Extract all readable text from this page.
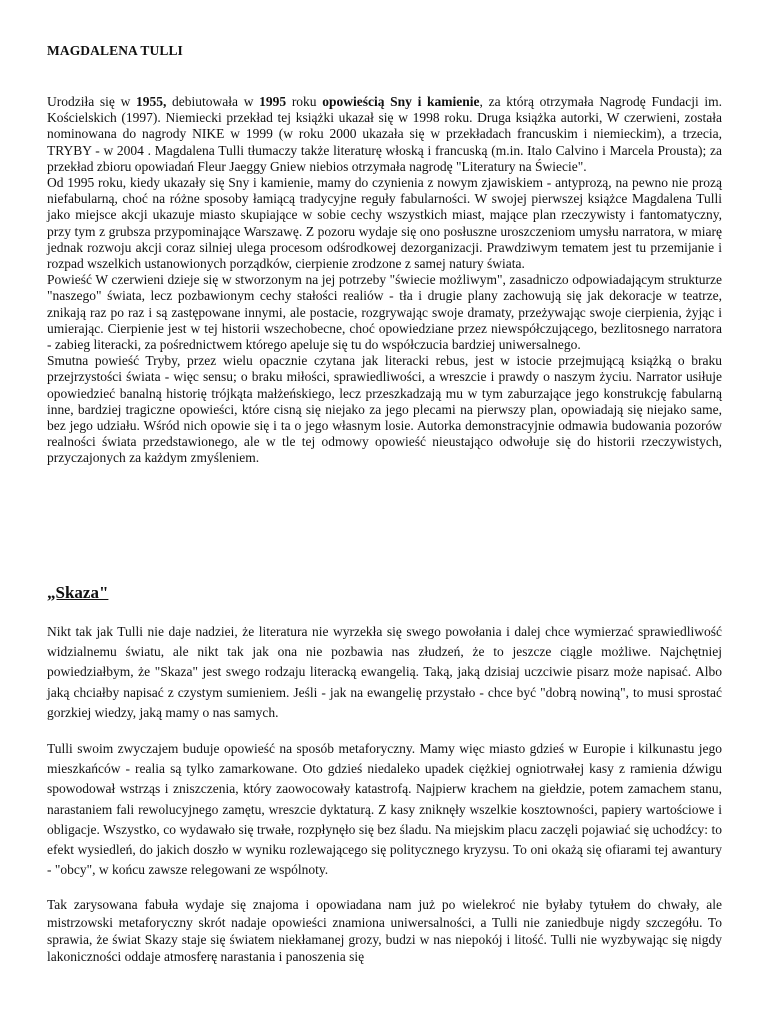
MAGDALENA TULLI

Urodziła się w 1955, debiutowała w 1995 roku opowieścią Sny i kamienie, za którą otrzymała Nagrodę Fundacji im. Kościelskich (1997). Niemiecki przekład tej książki ukazał się w 1998 roku. Druga książka autorki, W czerwieni, została nominowana do nagrody NIKE w 1999 (w roku 2000 ukazała się w przekładach francuskim i niemieckim), a trzecia, TRYBY - w 2004 . Magdalena Tulli tłumaczy także literaturę włoską i francuską (m.in. Italo Calvino i Marcela Prousta); za przekład zbioru opowiadań Fleur Jaeggy Gniew niebios otrzymała nagrodę "Literatury na Świecie".

Od 1995 roku, kiedy ukazały się Sny i kamienie, mamy do czynienia z nowym zjawiskiem - antyprozą, na pewno nie prozą niefabularną, choć na różne sposoby łamiącą tradycyjne reguły fabularności. W swojej pierwszej książce Magdalena Tulli jako miejsce akcji ukazuje miasto skupiające w sobie cechy wszystkich miast, mające plan rzeczywisty i fantomatyczny, przy tym z grubsza przypominające Warszawę. Z pozoru wydaje się ono posłuszne uroszczeniom umysłu narratora, w miarę jednak rozwoju akcji coraz silniej ulega procesom odśrodkowej dezorganizacji. Prawdziwym tematem jest tu przemijanie i rozpad wszelkich ustanowionych porządków, cierpienie zrodzone z samej natury świata.

Powieść W czerwieni dzieje się w stworzonym na jej potrzeby "świecie możliwym", zasadniczo odpowiadającym strukturze "naszego" świata, lecz pozbawionym cechy stałości realiów - tła i drugie plany zachowują się jak dekoracje w teatrze, znikają raz po raz i są zastępowane innymi, ale postacie, rozgrywając swoje dramaty, przeżywając swoje cierpienia, żyjąc i umierając. Cierpienie jest w tej historii wszechobecne, choć opowiedziane przez niewspółczującego, bezlitosnego narratora - zabieg literacki, za pośrednictwem którego apeluje się tu do współczucia bardziej uniwersalnego.

Smutna powieść Tryby, przez wielu opacznie czytana jak literacki rebus, jest w istocie przejmującą książką o braku przejrzystości świata - więc sensu; o braku miłości, sprawiedliwości, a wreszcie i prawdy o naszym życiu. Narrator usiłuje opowiedzieć banalną historię trójkąta małżeńskiego, lecz przeszkadzają mu w tym zaburzające jego konstrukcję fabularną inne, bardziej tragiczne opowieści, które cisną się niejako za jego plecami na pierwszy plan, opowiadają się niejako same, bez jego udziału. Wśród nich opowie się i ta o jego własnym losie. Autorka demonstracyjnie odmawia budowania pozorów realności świata przedstawionego, ale w tle tej odmowy opowieść nieustająco odwołuje się do historii rzeczywistych, przyczajonych za każdym zmyśleniem.

„Skaza"

Nikt tak jak Tulli nie daje nadziei, że literatura nie wyrzekła się swego powołania i dalej chce wymierzać sprawiedliwość widzialnemu światu, ale nikt tak jak ona nie pozbawia nas złudzeń, że to jeszcze ciągle możliwe. Najchętniej powiedziałbym, że "Skaza" jest swego rodzaju literacką ewangelią. Taką, jaką dzisiaj uczciwie pisarz może napisać. Albo jaką chciałby napisać z czystym sumieniem. Jeśli - jak na ewangelię przystało - chce być "dobrą nowiną", to musi sprostać gorzkiej wiedzy, jaką mamy o nas samych.

Tulli swoim zwyczajem buduje opowieść na sposób metaforyczny. Mamy więc miasto gdzieś w Europie i kilkunastu jego mieszkańców - realia są tylko zamarkowane. Oto gdzieś niedaleko upadek ciężkiej ogniotrwałej kasy z ramienia dźwigu spowodował wstrząs i zniszczenia, który zaowocowały katastrofą. Najpierw krachem na giełdzie, potem zamachem stanu, narastaniem fali rewolucyjnego zamętu, wreszcie dyktaturą. Z kasy zniknęły wszelkie kosztowności, papiery wartościowe i obligacje. Wszystko, co wydawało się trwałe, rozpłynęło się bez śladu. Na miejskim placu zaczęli pojawiać się uchodźcy: to efekt wysiedleń, do jakich doszło w wyniku rozlewającego się politycznego kryzysu. To oni okażą się ofiarami tej awantury - "obcy", w końcu zawsze relegowani ze wspólnoty.

Tak zarysowana fabuła wydaje się znajoma i opowiadana nam już po wielekroć nie byłaby tytułem do chwały, ale mistrzowski metaforyczny skrót nadaje opowieści znamiona uniwersalności, a Tulli nie zaniedbuje nigdy szczegółu. To sprawia, że świat Skazy staje się światem niekłamanej grozy, budzi w nas niepokój i litość. Tulli nie wyzbywając się nigdy lakoniczności oddaje atmosferę narastania i panoszenia się
